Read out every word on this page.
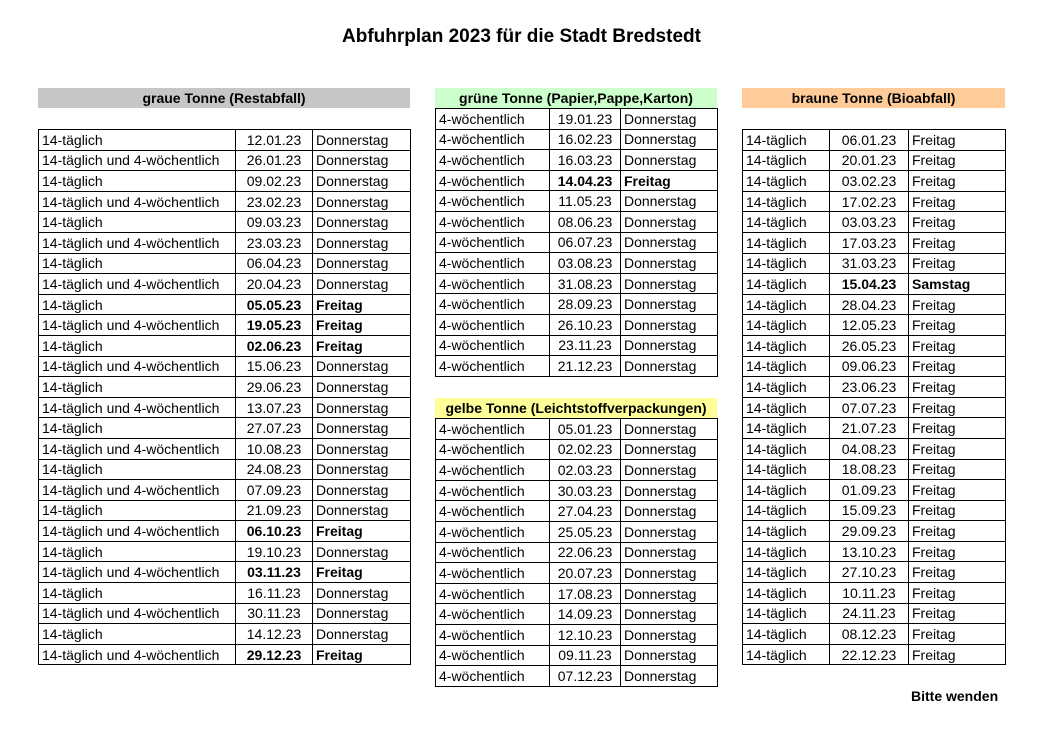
Abfuhrplan 2023 für die Stadt Bredstedt
graue Tonne (Restabfall)	grüne Tonne (Papier,Pappe,Karton)	braune Tonne (Bioabfall)
gelbe Tonne (Leichtstoffverpackungen)
14-täglich	12.01.23	Donnerstag
14-täglich und 4-wöchentlich	26.01.23	Donnerstag
14-täglich	09.02.23	Donnerstag
14-täglich und 4-wöchentlich	23.02.23	Donnerstag
14-täglich	09.03.23	Donnerstag
14-täglich und 4-wöchentlich	23.03.23	Donnerstag
14-täglich	06.04.23	Donnerstag
14-täglich und 4-wöchentlich	20.04.23	Donnerstag
14-täglich	05.05.23	Freitag
14-täglich und 4-wöchentlich	19.05.23	Freitag
14-täglich	02.06.23	Freitag
14-täglich und 4-wöchentlich	15.06.23	Donnerstag
14-täglich	29.06.23	Donnerstag
14-täglich und 4-wöchentlich	13.07.23	Donnerstag
14-täglich	27.07.23	Donnerstag
14-täglich und 4-wöchentlich	10.08.23	Donnerstag
14-täglich	24.08.23	Donnerstag
14-täglich und 4-wöchentlich	07.09.23	Donnerstag
14-täglich	21.09.23	Donnerstag
14-täglich und 4-wöchentlich	06.10.23	Freitag
14-täglich	19.10.23	Donnerstag
14-täglich und 4-wöchentlich	03.11.23	Freitag
14-täglich	16.11.23	Donnerstag
14-täglich und 4-wöchentlich	30.11.23	Donnerstag
14-täglich	14.12.23	Donnerstag
14-täglich und 4-wöchentlich	29.12.23	Freitag
4-wöchentlich	19.01.23	Donnerstag
4-wöchentlich	16.02.23	Donnerstag
4-wöchentlich	16.03.23	Donnerstag
4-wöchentlich	14.04.23	Freitag
4-wöchentlich	11.05.23	Donnerstag
4-wöchentlich	08.06.23	Donnerstag
4-wöchentlich	06.07.23	Donnerstag
4-wöchentlich	03.08.23	Donnerstag
4-wöchentlich	31.08.23	Donnerstag
4-wöchentlich	28.09.23	Donnerstag
4-wöchentlich	26.10.23	Donnerstag
4-wöchentlich	23.11.23	Donnerstag
4-wöchentlich	21.12.23	Donnerstag
4-wöchentlich	05.01.23	Donnerstag
4-wöchentlich	02.02.23	Donnerstag
4-wöchentlich	02.03.23	Donnerstag
4-wöchentlich	30.03.23	Donnerstag
4-wöchentlich	27.04.23	Donnerstag
4-wöchentlich	25.05.23	Donnerstag
4-wöchentlich	22.06.23	Donnerstag
4-wöchentlich	20.07.23	Donnerstag
4-wöchentlich	17.08.23	Donnerstag
4-wöchentlich	14.09.23	Donnerstag
4-wöchentlich	12.10.23	Donnerstag
4-wöchentlich	09.11.23	Donnerstag
4-wöchentlich	07.12.23	Donnerstag
14-täglich	06.01.23	Freitag
14-täglich	20.01.23	Freitag
14-täglich	03.02.23	Freitag
14-täglich	17.02.23	Freitag
14-täglich	03.03.23	Freitag
14-täglich	17.03.23	Freitag
14-täglich	31.03.23	Freitag
14-täglich	15.04.23	Samstag
14-täglich	28.04.23	Freitag
14-täglich	12.05.23	Freitag
14-täglich	26.05.23	Freitag
14-täglich	09.06.23	Freitag
14-täglich	23.06.23	Freitag
14-täglich	07.07.23	Freitag
14-täglich	21.07.23	Freitag
14-täglich	04.08.23	Freitag
14-täglich	18.08.23	Freitag
14-täglich	01.09.23	Freitag
14-täglich	15.09.23	Freitag
14-täglich	29.09.23	Freitag
14-täglich	13.10.23	Freitag
14-täglich	27.10.23	Freitag
14-täglich	10.11.23	Freitag
14-täglich	24.11.23	Freitag
14-täglich	08.12.23	Freitag
14-täglich	22.12.23	Freitag
Bitte wenden
